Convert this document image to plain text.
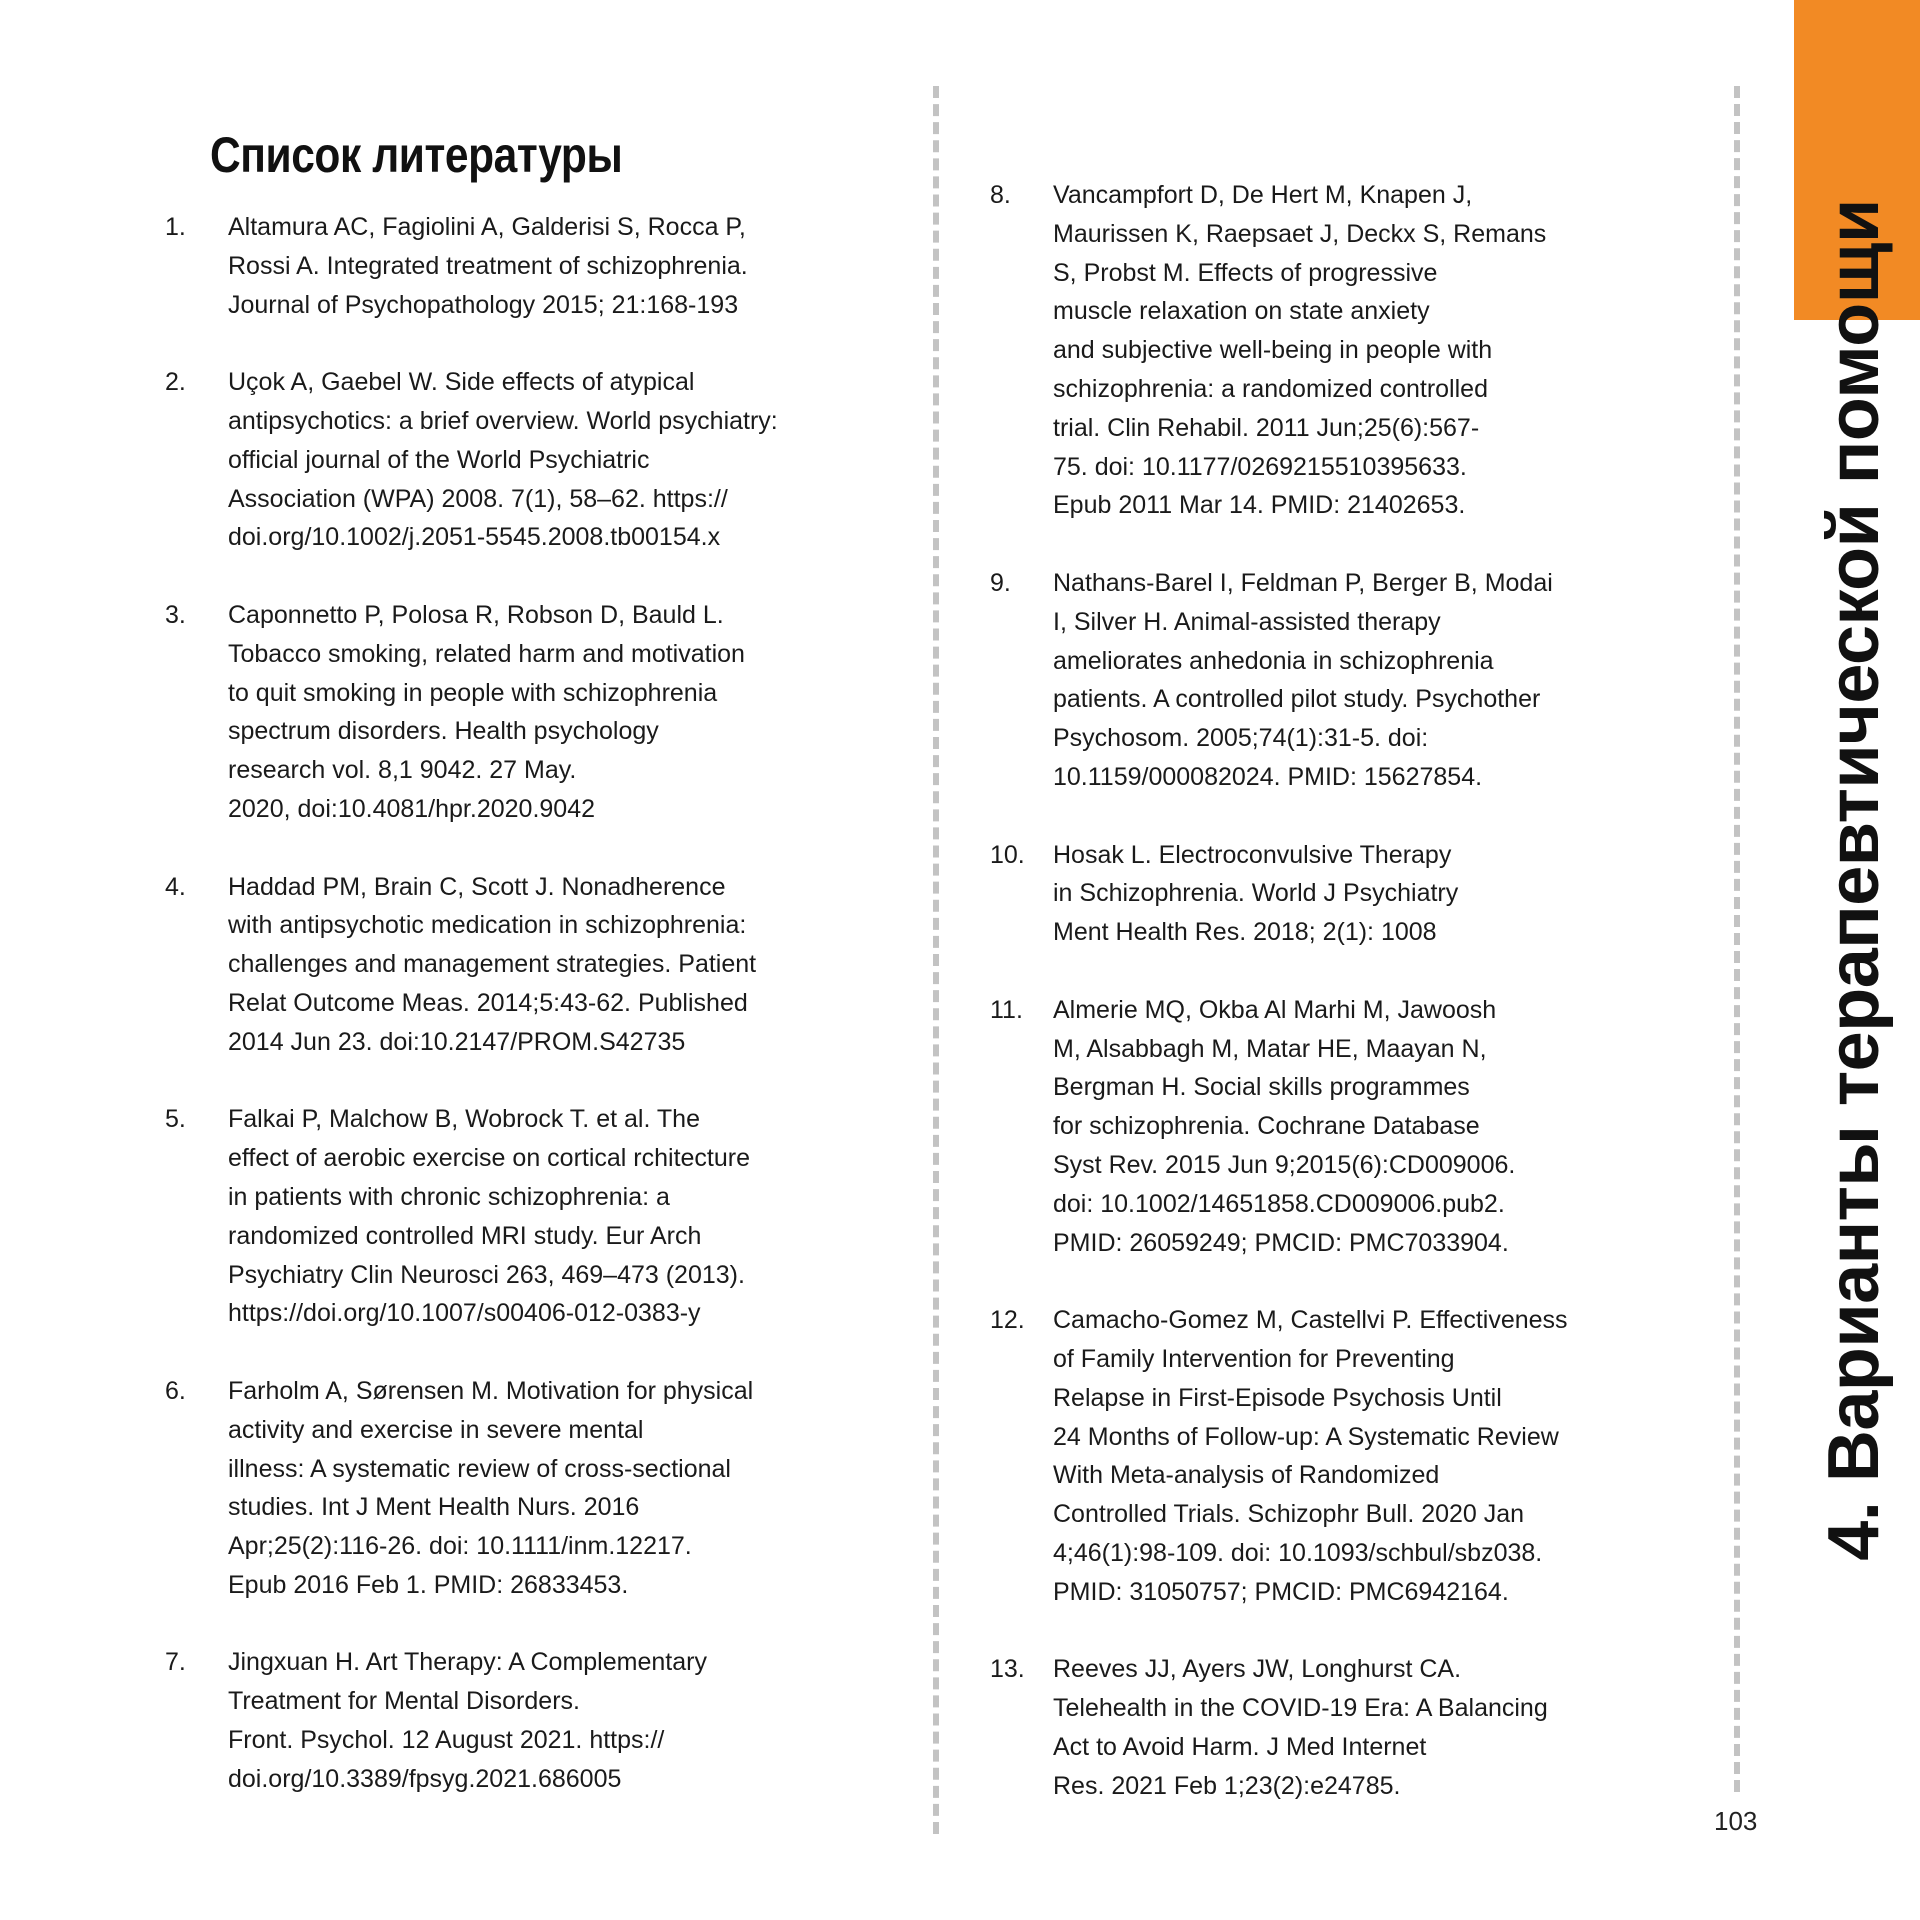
Список литературы
1. Altamura AC, Fagiolini A, Galderisi S, Rocca P,
Rossi A. Integrated treatment of schizophrenia.
Journal of Psychopathology 2015; 21:168-193
2. Uçok A, Gaebel W. Side effects of atypical
antipsychotics: a brief overview. World psychiatry:
official journal of the World Psychiatric
Association (WPA) 2008. 7(1), 58–62. https://
doi.org/10.1002/j.2051-5545.2008.tb00154.x
3. Caponnetto P, Polosa R, Robson D, Bauld L.
Tobacco smoking, related harm and motivation
to quit smoking in people with schizophrenia
spectrum disorders. Health psychology
research vol. 8,1 9042. 27 May.
2020, doi:10.4081/hpr.2020.9042
4. Haddad PM, Brain C, Scott J. Nonadherence
with antipsychotic medication in schizophrenia:
challenges and management strategies. Patient
Relat Outcome Meas. 2014;5:43-62. Published
2014 Jun 23. doi:10.2147/PROM.S42735
5. Falkai P, Malchow B, Wobrock T. et al. The
effect of aerobic exercise on cortical rchitecture
in patients with chronic schizophrenia: a
randomized controlled MRI study. Eur Arch
Psychiatry Clin Neurosci 263, 469–473 (2013).
https://doi.org/10.1007/s00406-012-0383-y
6. Farholm A, Sørensen M. Motivation for physical
activity and exercise in severe mental
illness: A systematic review of cross-sectional
studies. Int J Ment Health Nurs. 2016
Apr;25(2):116-26. doi: 10.1111/inm.12217.
Epub 2016 Feb 1. PMID: 26833453.
7. Jingxuan H. Art Therapy: A Complementary
Treatment for Mental Disorders.
Front. Psychol. 12 August 2021. https://
doi.org/10.3389/fpsyg.2021.686005
8. Vancampfort D, De Hert M, Knapen J,
Maurissen K, Raepsaet J, Deckx S, Remans
S, Probst M. Effects of progressive
muscle relaxation on state anxiety
and subjective well-being in people with
schizophrenia: a randomized controlled
trial. Clin Rehabil. 2011 Jun;25(6):567-
75. doi: 10.1177/0269215510395633.
Epub 2011 Mar 14. PMID: 21402653.
9. Nathans-Barel I, Feldman P, Berger B, Modai
I, Silver H. Animal-assisted therapy
ameliorates anhedonia in schizophrenia
patients. A controlled pilot study. Psychother
Psychosom. 2005;74(1):31-5. doi:
10.1159/000082024. PMID: 15627854.
10. Hosak L. Electroconvulsive Therapy
in Schizophrenia. World J Psychiatry
Ment Health Res. 2018; 2(1): 1008
11. Almerie MQ, Okba Al Marhi M, Jawoosh
M, Alsabbagh M, Matar HE, Maayan N,
Bergman H. Social skills programmes
for schizophrenia. Cochrane Database
Syst Rev. 2015 Jun 9;2015(6):CD009006.
doi: 10.1002/14651858.CD009006.pub2.
PMID: 26059249; PMCID: PMC7033904.
12. Camacho-Gomez M, Castellvi P. Effectiveness
of Family Intervention for Preventing
Relapse in First-Episode Psychosis Until
24 Months of Follow-up: A Systematic Review
With Meta-analysis of Randomized
Controlled Trials. Schizophr Bull. 2020 Jan
4;46(1):98-109. doi: 10.1093/schbul/sbz038.
PMID: 31050757; PMCID: PMC6942164.
13. Reeves JJ, Ayers JW, Longhurst CA.
Telehealth in the COVID-19 Era: A Balancing
Act to Avoid Harm. J Med Internet
Res. 2021 Feb 1;23(2):e24785.
4. Варианты терапевтической помощи
103
